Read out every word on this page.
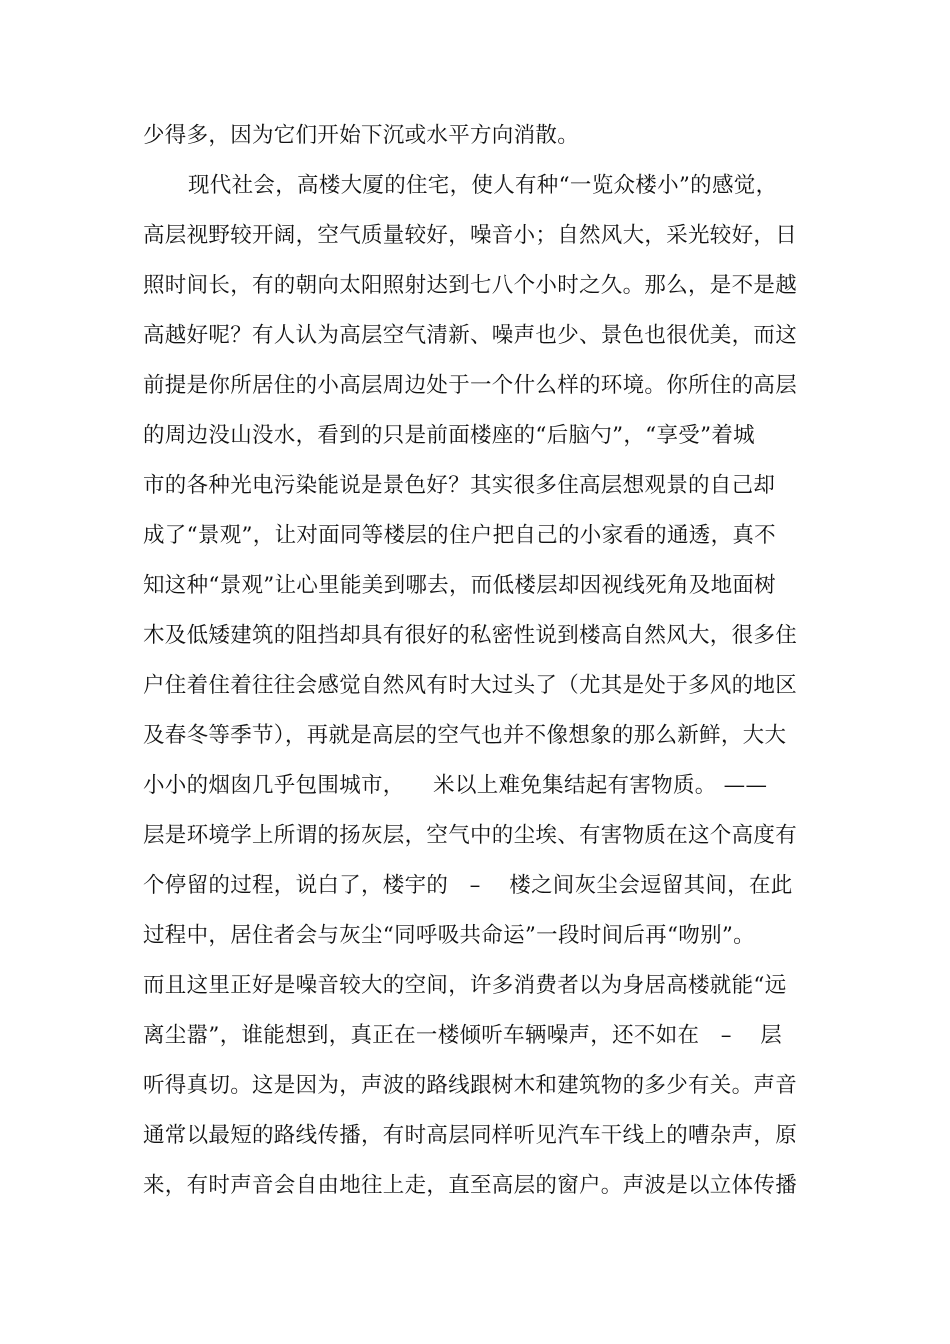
少得多，因为它们开始下沉或水平方向消散。
现代社会，高楼大厦的住宅，使人有种“一览众楼小”的感觉，
高层视野较开阔，空气质量较好，噪音小；自然风大，采光较好，日
照时间长，有的朝向太阳照射达到七八个小时之久。那么，是不是越
高越好呢？有人认为高层空气清新、噪声也少、景色也很优美，而这
前提是你所居住的小高层周边处于一个什么样的环境。你所住的高层
的周边没山没水，看到的只是前面楼座的“后脑勺”，“享受”着城
市的各种光电污染能说是景色好？其实很多住高层想观景的自己却
成了“景观”，让对面同等楼层的住户把自己的小家看的通透，真不
知这种“景观”让心里能美到哪去，而低楼层却因视线死角及地面树
木及低矮建筑的阻挡却具有很好的私密性说到楼高自然风大，很多住
户住着住着往往会感觉自然风有时大过头了（尤其是处于多风的地区
及春冬等季节），再就是高层的空气也并不像想象的那么新鲜，大大
小小的烟囱几乎包围城市，    米以上难免集结起有害物质。 ——
层是环境学上所谓的扬灰层，空气中的尘埃、有害物质在这个高度有
个停留的过程，说白了，楼宇的   –    楼之间灰尘会逗留其间，在此
过程中，居住者会与灰尘“同呼吸共命运”一段时间后再“吻别”。
而且这里正好是噪音较大的空间，许多消费者以为身居高楼就能“远
离尘嚣”，谁能想到，真正在一楼倾听车辆噪声，还不如在   –    层
听得真切。这是因为，声波的路线跟树木和建筑物的多少有关。声音
通常以最短的路线传播，有时高层同样听见汽车干线上的嘈杂声，原
来，有时声音会自由地往上走，直至高层的窗户。声波是以立体传播
